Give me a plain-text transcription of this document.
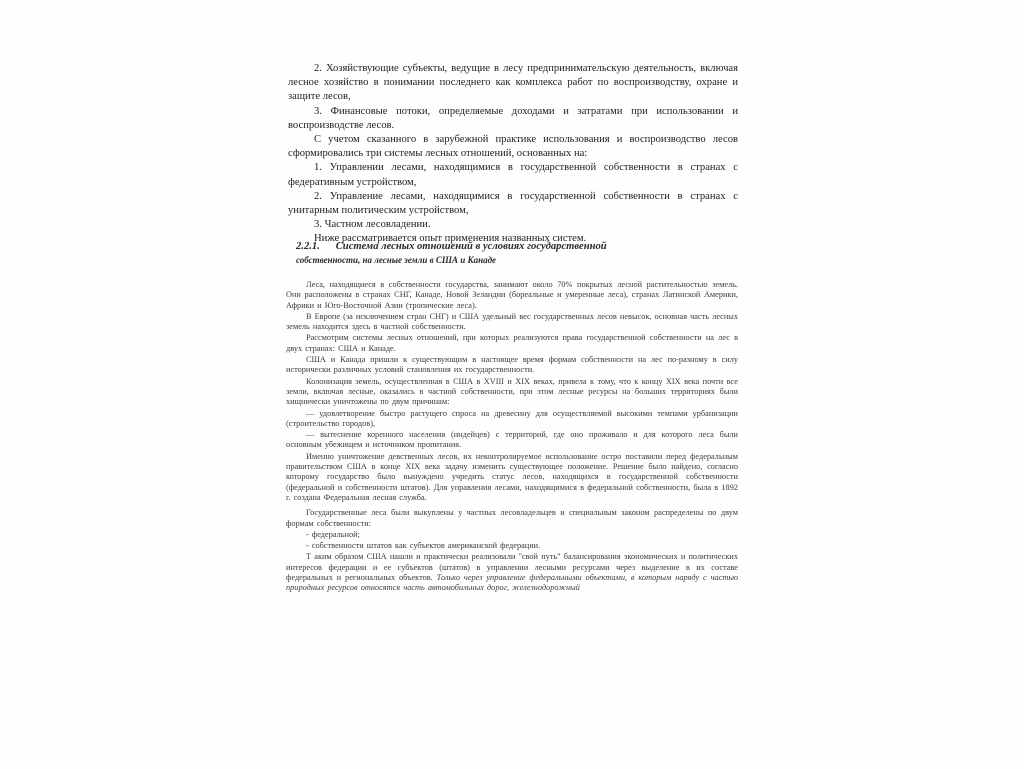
2. Хозяйствующие субъекты, ведущие в лесу предпринимательскую деятельность, включая лесное хозяйство в понимании последнего как комплекса работ по воспроизводству, охране и защите лесов,

3. Финансовые потоки, определяемые доходами и затратами при использовании и воспроизводстве лесов.

С учетом сказанного в зарубежной практике использования и воспроизводство лесов сформировались три системы лесных отношений, основанных на:

1. Управлении лесами, находящимися в государственной собственности в странах с федеративным устройством,

2. Управление лесами, находящимися в государственной собственности в странах с унитарным политическим устройством,

3. Частном лесовладении.

Ниже рассматривается опыт применения названных систем.

2.2.1. Система лесных отношений в условиях государственной
собственности, на лесные земли в США и Канаде

Леса, находящиеся в собственности государства, занимают около 70% покрытых лесной растительностью земель. Они расположены в странах СНГ, Канаде, Новой Зеландии (бореальные и умеренные леса), странах Латинской Америки, Африки и Юго-Восточной Азии (тропические леса).

В Европе (за исключением стран СНГ) и США удельный вес государственных лесов невысок, основная часть лесных земель находится здесь в частной собственности.

Рассмотрим системы лесных отношений, при которых реализуются права государственной собственности на лес в двух странах: США и Канаде.

США и Канада пришли к существующим в настоящее время формам собственности на лес по-разному в силу исторически различных условий становления их государственности.

Колонизация земель, осуществленная в США в XVIII и XIX веках, привела к тому, что к концу XIX века почти все земли, включая лесные, оказались в частной собственности, при этом лесные ресурсы на больших территориях были хищнически уничтожены по двум причинам:

— удовлетворение быстро растущего спроса на древесину для осуществляемой высокими темпами урбанизации (строительство городов),

— вытеснение коренного населения (индейцев) с территорий, где оно проживало и для которого леса были основным убежищем и источником пропитания.

Именно уничтожение девственных лесов, их неконтролируемое использование остро поставили перед федеральным правительством США в конце XIX века задачу изменить существующее положение. Решение было найдено, согласно которому государство было вынуждено учредить статус лесов, находящихся в государственной собственности (федеральной и собственности штатов). Для управления лесами, находящимися в федеральной собственности, была в 1892 г. создана Федеральная лесная служба.

Государственные леса были выкуплены у частных лесовладельцев и специальным законом распределены по двум формам собственности:

- федеральной;

- собственности штатов как субъектов американской федерации.

Т аким образом США нашли и практически реализовали "свой путь" балансирования экономических и политических интересов федерации и ее субъектов (штатов) в управлении лесными ресурсами через выделение в их составе федеральных и региональных объектов. Только через управление федеральными объектами, в которым наряду с частью природных ресурсов относятся часть автомобильных дорог, железнодорожный
